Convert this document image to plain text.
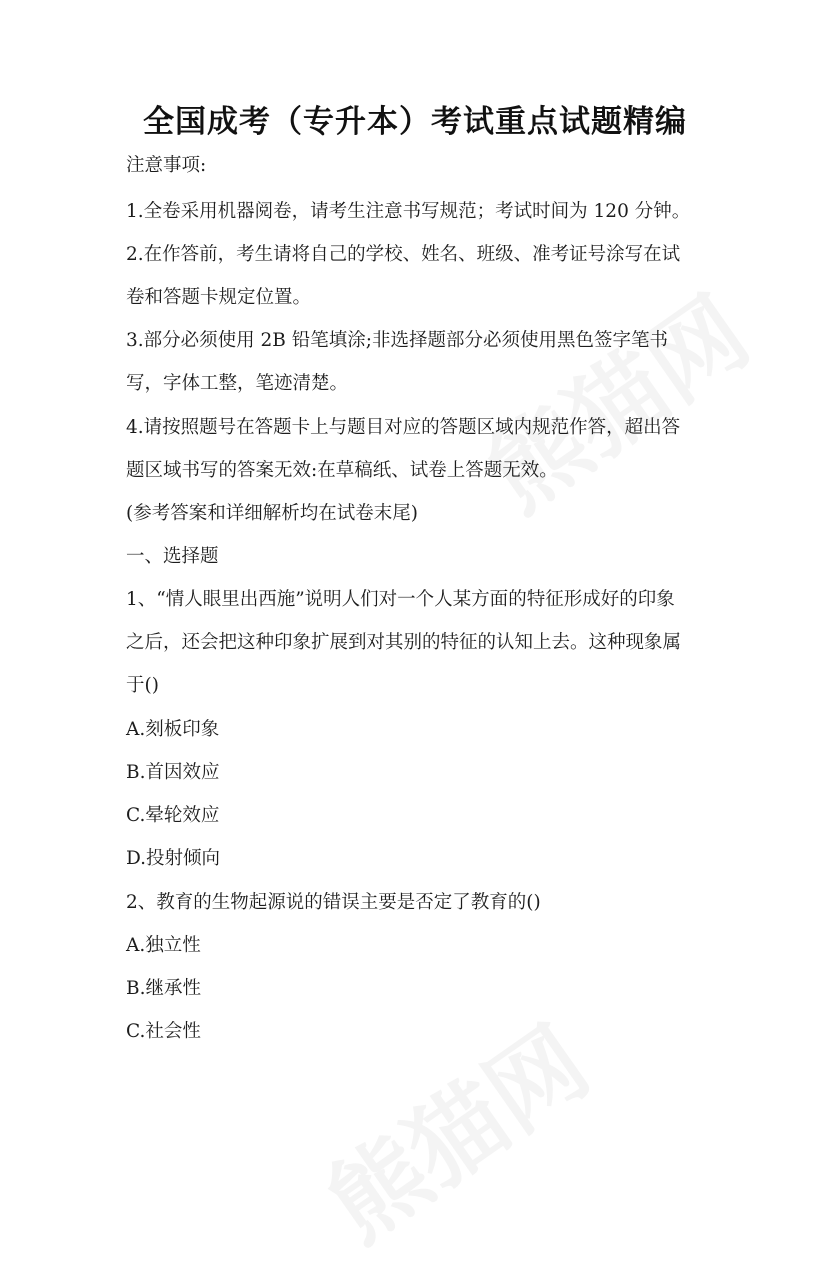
全国成考（专升本）考试重点试题精编
注意事项:
1.全卷采用机器阅卷，请考生注意书写规范；考试时间为 120 分钟。
2.在作答前，考生请将自己的学校、姓名、班级、准考证号涂写在试
卷和答题卡规定位置。
3.部分必须使用 2B 铅笔填涂;非选择题部分必须使用黑色签字笔书
写，字体工整，笔迹清楚。
4.请按照题号在答题卡上与题目对应的答题区域内规范作答，超出答
题区域书写的答案无效:在草稿纸、试卷上答题无效。
(参考答案和详细解析均在试卷末尾)
一、选择题
1、“情人眼里出西施”说明人们对一个人某方面的特征形成好的印象
之后，还会把这种印象扩展到对其别的特征的认知上去。这种现象属
于()
A.刻板印象
B.首因效应
C.晕轮效应
D.投射倾向
2、教育的生物起源说的错误主要是否定了教育的()
A.独立性
B.继承性
C.社会性
